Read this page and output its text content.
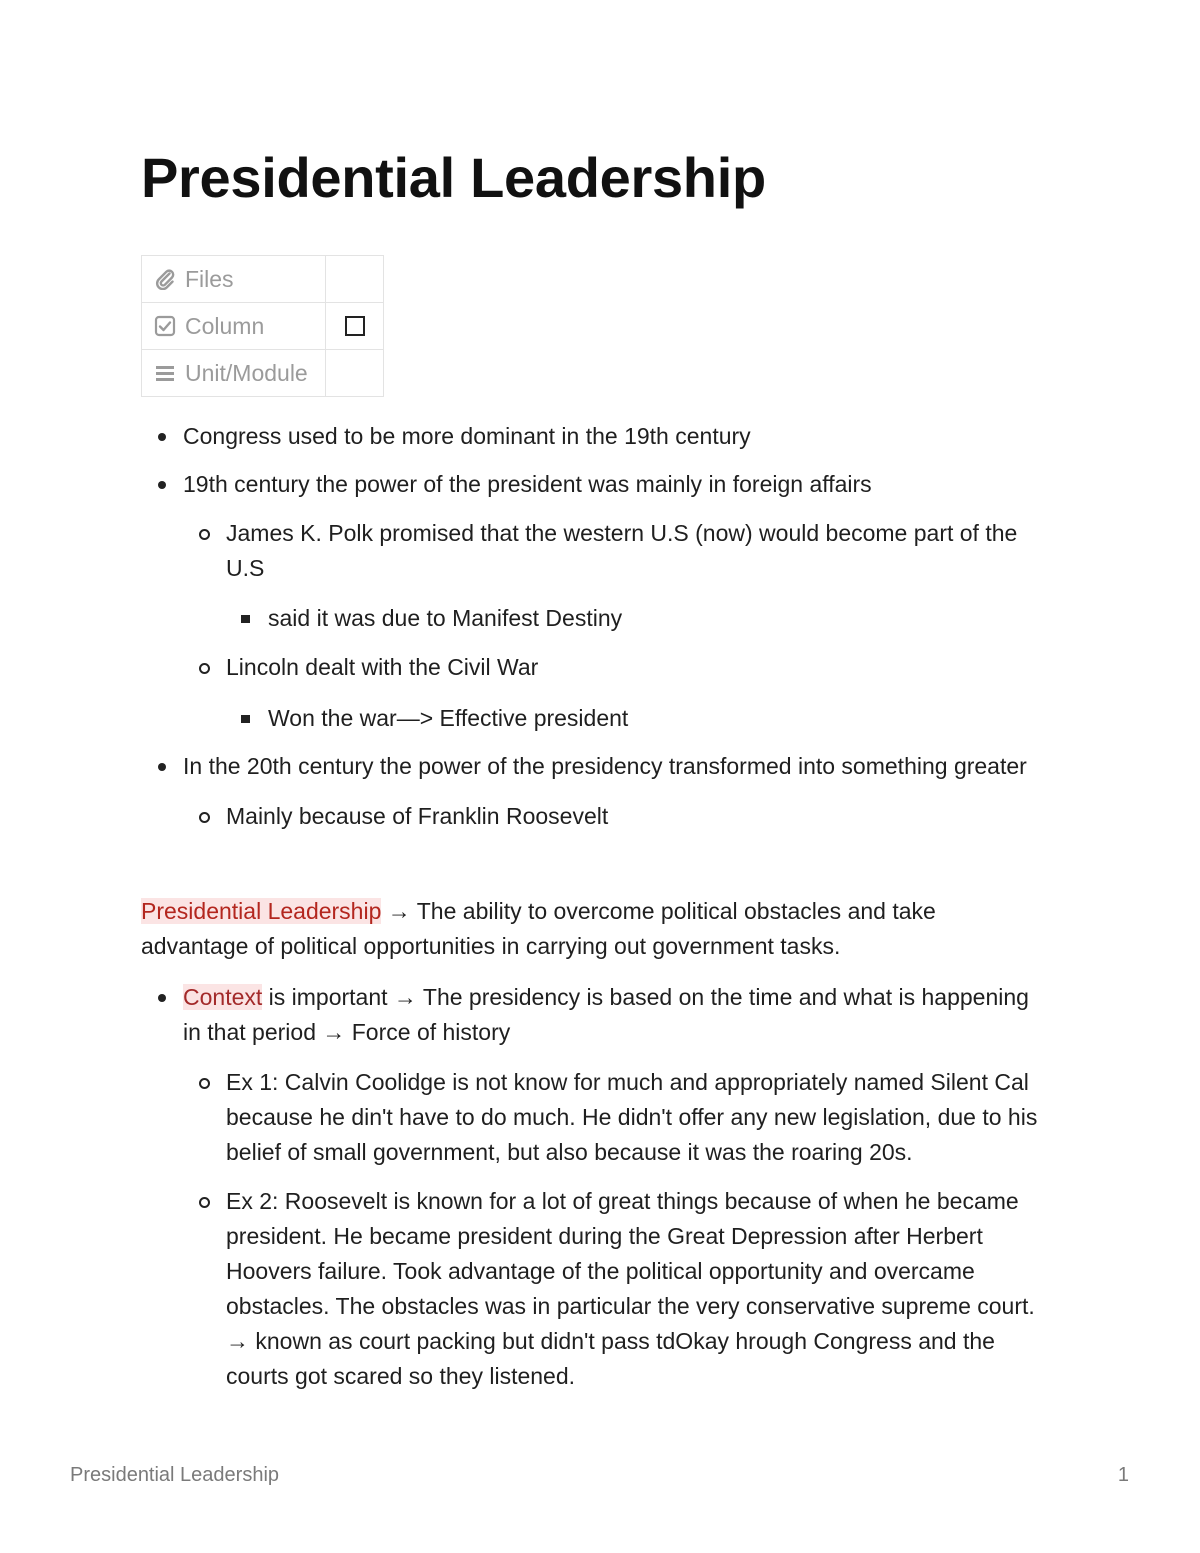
Presidential Leadership
Files	

Column	

Unit/Module	

Congress used to be more dominant in the 19th century
19th century the power of the president was mainly in foreign affairs
James K. Polk promised that the western U.S (now) would become part of the
U.S
said it was due to Manifest Destiny
Lincoln dealt with the Civil War
Won the war—> Effective president
In the 20th century the power of the presidency transformed into something greater
Mainly because of Franklin Roosevelt
Presidential Leadership → The ability to overcome political obstacles and take
advantage of political opportunities in carrying out government tasks.
Context is important → The presidency is based on the time and what is happening
in that period → Force of history
Ex 1: Calvin Coolidge is not know for much and appropriately named Silent Cal
because he din't have to do much. He didn't offer any new legislation, due to his
belief of small government, but also because it was the roaring 20s.
Ex 2: Roosevelt is known for a lot of great things because of when he became
president. He became president during the Great Depression after Herbert
Hoovers failure. Took advantage of the political opportunity and overcame
obstacles. The obstacles was in particular the very conservative supreme court.
→ known as court packing but didn't pass tdOkay hrough Congress and the
courts got scared so they listened.
Presidential Leadership	1
